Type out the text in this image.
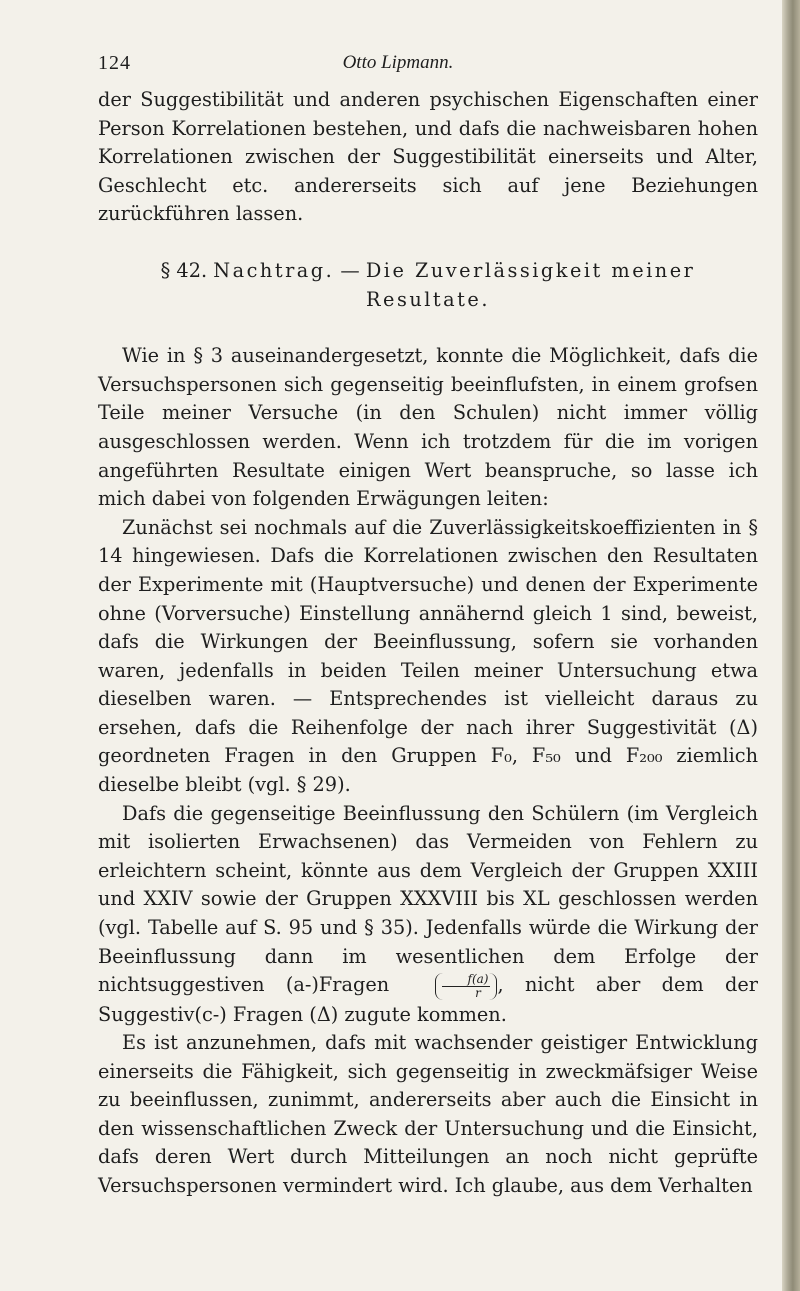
124	Otto Lipmann.

der Suggestibilität und anderen psychischen Eigenschaften einer Person Korrelationen bestehen, und dafs die nachweisbaren hohen Korrelationen zwischen der Suggestibilität einerseits und Alter, Geschlecht etc. andererseits sich auf jene Beziehungen zurückführen lassen.

§ 42. Nachtrag. — Die Zuverlässigkeit meiner
Resultate.

Wie in § 3 auseinandergesetzt, konnte die Möglichkeit, dafs die Versuchspersonen sich gegenseitig beeinflufsten, in einem grofsen Teile meiner Versuche (in den Schulen) nicht immer völlig ausgeschlossen werden. Wenn ich trotzdem für die im vorigen angeführten Resultate einigen Wert beanspruche, so lasse ich mich dabei von folgenden Erwägungen leiten:

Zunächst sei nochmals auf die Zuverlässigkeitskoeffizienten in § 14 hingewiesen. Dafs die Korrelationen zwischen den Resultaten der Experimente mit (Hauptversuche) und denen der Experimente ohne (Vorversuche) Einstellung annähernd gleich 1 sind, beweist, dafs die Wirkungen der Beeinflussung, sofern sie vorhanden waren, jedenfalls in beiden Teilen meiner Untersuchung etwa dieselben waren. — Entsprechendes ist vielleicht daraus zu ersehen, dafs die Reihenfolge der nach ihrer Suggestivität (Δ) geordneten Fragen in den Gruppen F₀, F₅₀ und F₂₀₀ ziemlich dieselbe bleibt (vgl. § 29).

Dafs die gegenseitige Beeinflussung den Schülern (im Vergleich mit isolierten Erwachsenen) das Vermeiden von Fehlern zu erleichtern scheint, könnte aus dem Vergleich der Gruppen XXIII und XXIV sowie der Gruppen XXXVIII bis XL geschlossen werden (vgl. Tabelle auf S. 95 und § 35). Jedenfalls würde die Wirkung der Beeinflussung dann im wesentlichen dem Erfolge der nichtsuggestiven (a-)Fragen	$\frac{f(a)}{r}$ , nicht aber dem der Suggestiv(c-) Fragen (Δ) zugute kommen.

Es ist anzunehmen, dafs mit wachsender geistiger Entwicklung einerseits die Fähigkeit, sich gegenseitig in zweckmäfsiger Weise zu beeinflussen, zunimmt, andererseits aber auch die Einsicht in den wissenschaftlichen Zweck der Untersuchung und die Einsicht, dafs deren Wert durch Mitteilungen an noch nicht geprüfte Versuchspersonen vermindert wird. Ich glaube, aus dem Verhalten
